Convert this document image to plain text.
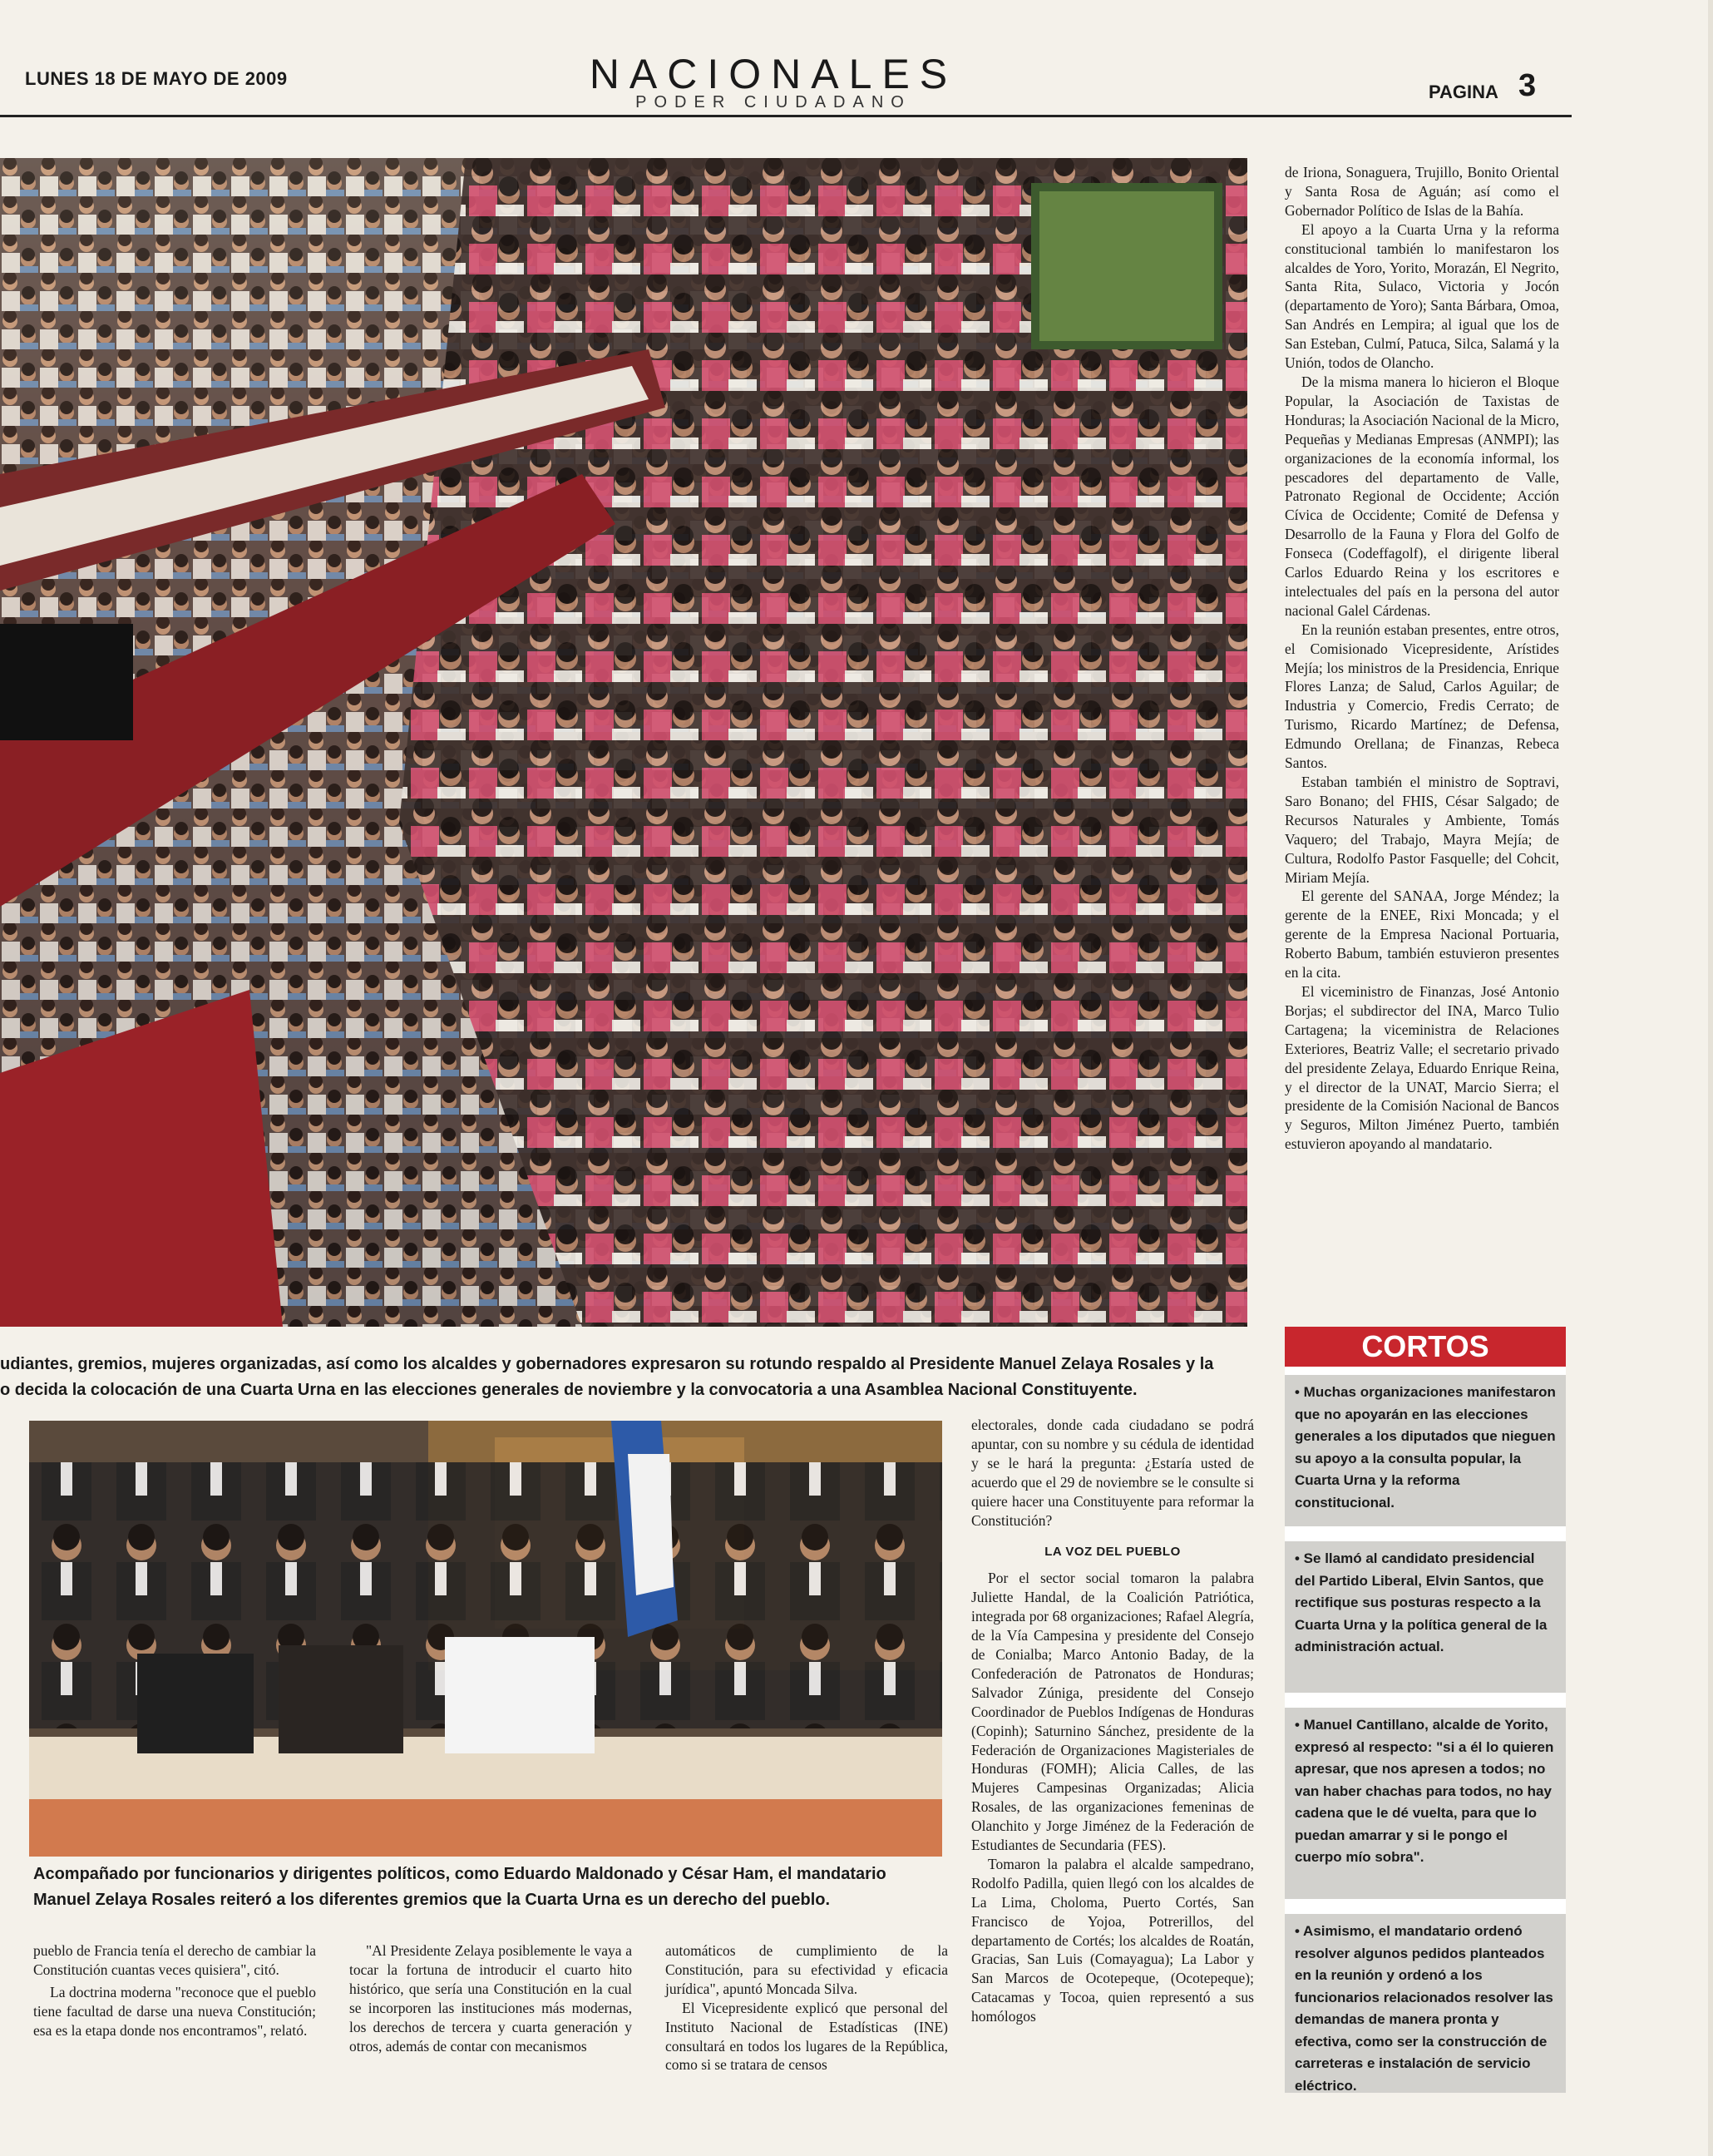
LUNES 18 DE MAYO DE 2009	NACIONALES
PODER CIUDADANO	PAGINA 3
udiantes, gremios, mujeres organizadas, así como los alcaldes y gobernadores expresaron su rotundo respaldo al Presidente Manuel Zelaya Rosales y la
o decida la colocación de una Cuarta Urna en las elecciones generales de noviembre y la convocatoria a una Asamblea Nacional Constituyente.

de Iriona, Sonaguera, Trujillo, Bonito Oriental y Santa Rosa de Aguán; así como el Gobernador Político de Islas de la Bahía.

El apoyo a la Cuarta Urna y la reforma constitucional también lo manifestaron los alcaldes de Yoro, Yorito, Morazán, El Negrito, Santa Rita, Sulaco, Victoria y Jocón (departamento de Yoro); Santa Bárbara, Omoa, San Andrés en Lempira; al igual que los de San Esteban, Culmí, Patuca, Silca, Salamá y la Unión, todos de Olancho.

De la misma manera lo hicieron el Bloque Popular, la Asociación de Taxistas de Honduras; la Asociación Nacional de la Micro, Pequeñas y Medianas Empresas (ANMPI); las organizaciones de la economía informal, los pescadores del departamento de Valle, Patronato Regional de Occidente; Acción Cívica de Occidente; Comité de Defensa y Desarrollo de la Fauna y Flora del Golfo de Fonseca (Codeffagolf), el dirigente liberal Carlos Eduardo Reina y los escritores e intelectuales del país en la persona del autor nacional Galel Cárdenas.

En la reunión estaban presentes, entre otros, el Comisionado Vicepresidente, Arístides Mejía; los ministros de la Presidencia, Enrique Flores Lanza; de Salud, Carlos Aguilar; de Industria y Comercio, Fredis Cerrato; de Turismo, Ricardo Martínez; de Defensa, Edmundo Orellana; de Finanzas, Rebeca Santos.

Estaban también el ministro de Soptravi, Saro Bonano; del FHIS, César Salgado; de Recursos Naturales y Ambiente, Tomás Vaquero; del Trabajo, Mayra Mejía; de Cultura, Rodolfo Pastor Fasquelle; del Cohcit, Miriam Mejía.

El gerente del SANAA, Jorge Méndez; la gerente de la ENEE, Rixi Moncada; y el gerente de la Empresa Nacional Portuaria, Roberto Babum, también estuvieron presentes en la cita.

El viceministro de Finanzas, José Antonio Borjas; el subdirector del INA, Marco Tulio Cartagena; la viceministra de Relaciones Exteriores, Beatriz Valle; el secretario privado del presidente Zelaya, Eduardo Enrique Reina, y el director de la UNAT, Marcio Sierra; el presidente de la Comisión Nacional de Bancos y Seguros, Milton Jiménez Puerto, también estuvieron apoyando al mandatario.

Acompañado por funcionarios y dirigentes políticos, como Eduardo Maldonado y César Ham, el mandatario
Manuel Zelaya Rosales reiteró a los diferentes gremios que la Cuarta Urna es un derecho del pueblo.

electorales, donde cada ciudadano se podrá apuntar, con su nombre y su cédula de identidad y se le hará la pregunta: ¿Estaría usted de acuerdo que el 29 de noviembre se le consulte si quiere hacer una Constituyente para reformar la Constitución?

LA VOZ DEL PUEBLO

Por el sector social tomaron la palabra Juliette Handal, de la Coalición Patriótica, integrada por 68 organizaciones; Rafael Alegría, de la Vía Campesina y presidente del Consejo de Conialba; Marco Antonio Baday, de la Confederación de Patronatos de Honduras; Salvador Zúniga, presidente del Consejo Coordinador de Pueblos Indígenas de Honduras (Copinh); Saturnino Sánchez, presidente de la Federación de Organizaciones Magisteriales de Honduras (FOMH); Alicia Calles, de las Mujeres Campesinas Organizadas; Alicia Rosales, de las organizaciones femeninas de Olanchito y Jorge Jiménez de la Federación de Estudiantes de Secundaria (FES).

Tomaron la palabra el alcalde sampedrano, Rodolfo Padilla, quien llegó con los alcaldes de La Lima, Choloma, Puerto Cortés, San Francisco de Yojoa, Potrerillos, del departamento de Cortés; los alcaldes de Roatán, Gracias, San Luis (Comayagua); La Labor y San Marcos de Ocotepeque, (Ocotepeque); Catacamas y Tocoa, quien representó a sus homólogos

pueblo de Francia tenía el derecho de cambiar la Constitución cuantas veces quisiera", citó.

La doctrina moderna "reconoce que el pueblo tiene facultad de darse una nueva Constitución; esa es la etapa donde nos encontramos", relató.

"Al Presidente Zelaya posiblemente le vaya a tocar la fortuna de introducir el cuarto hito histórico, que sería una Constitución en la cual se incorporen las instituciones más modernas, los derechos de tercera y cuarta generación y otros, además de contar con mecanismos

automáticos de cumplimiento de la Constitución, para su efectividad y eficacia jurídica", apuntó Moncada Silva.

El Vicepresidente explicó que personal del Instituto Nacional de Estadísticas (INE) consultará en todos los lugares de la República, como si se tratara de censos

CORTOS
• Muchas organizaciones manifestaron que no apoyarán en las elecciones generales a los diputados que nieguen su apoyo a la consulta popular, la Cuarta Urna y la reforma constitucional.
• Se llamó al candidato presidencial del Partido Liberal, Elvin Santos, que rectifique sus posturas respecto a la Cuarta Urna y la política general de la administración actual.
• Manuel Cantillano, alcalde de Yorito, expresó al respecto: "si a él lo quieren apresar, que nos apresen a todos; no van haber chachas para todos, no hay cadena que le dé vuelta, para que lo puedan amarrar y si le pongo el cuerpo mío sobra".
• Asimismo, el mandatario ordenó resolver algunos pedidos planteados en la reunión y ordenó a los funcionarios relacionados resolver las demandas de manera pronta y efectiva, como ser la construcción de carreteras e instalación de servicio eléctrico.
